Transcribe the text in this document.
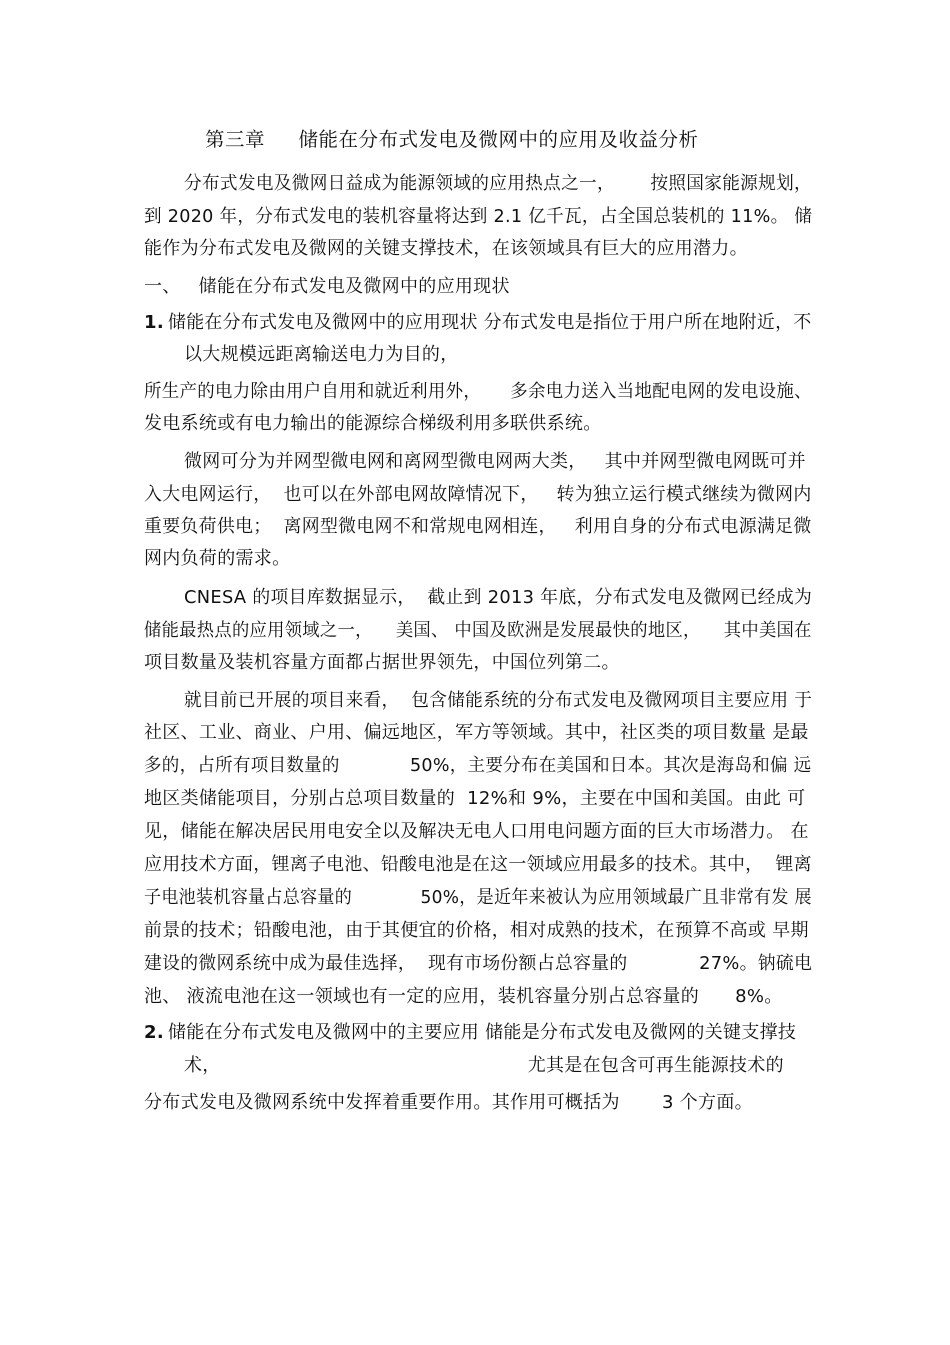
第三章     储能在分布式发电及微网中的应用及收益分析
分布式发电及微网日益成为能源领域的应用热点之一，      按照国家能源规划，
到 2020 年，分布式发电的装机容量将达到 2.1 亿千瓦，占全国总装机的 11%。 储
能作为分布式发电及微网的关键支撑技术，在该领域具有巨大的应用潜力。
一、   储能在分布式发电及微网中的应用现状
1. 储能在分布式发电及微网中的应用现状 分布式发电是指位于用户所在地附近，不
以大规模远距离输送电力为目的，
所生产的电力除由用户自用和就近利用外，     多余电力送入当地配电网的发电设施、
发电系统或有电力输出的能源综合梯级利用多联供系统。
微网可分为并网型微电网和离网型微电网两大类，   其中并网型微电网既可并
入大电网运行，  也可以在外部电网故障情况下，   转为独立运行模式继续为微网内
重要负荷供电；  离网型微电网不和常规电网相连，   利用自身的分布式电源满足微
网内负荷的需求。
CNESA 的项目库数据显示，  截止到 2013 年底，分布式发电及微网已经成为
储能最热点的应用领域之一，    美国、 中国及欧洲是发展最快的地区，    其中美国在
项目数量及装机容量方面都占据世界领先，中国位列第二。
就目前已开展的项目来看，  包含储能系统的分布式发电及微网项目主要应用 于
社区、工业、商业、户用、偏远地区，军方等领域。其中，社区类的项目数量 是最
多的，占所有项目数量的            50%，主要分布在美国和日本。其次是海岛和偏 远
地区类储能项目，分别占总项目数量的  12%和 9%，主要在中国和美国。由此 可
见，储能在解决居民用电安全以及解决无电人口用电问题方面的巨大市场潜力。 在
应用技术方面，锂离子电池、铅酸电池是在这一领域应用最多的技术。其中，  锂离
子电池装机容量占总容量的            50%，是近年来被认为应用领域最广且非常有发 展
前景的技术；铅酸电池，由于其便宜的价格，相对成熟的技术，在预算不高或 早期
建设的微网系统中成为最佳选择，  现有市场份额占总容量的            27%。钠硫电
池、 液流电池在这一领域也有一定的应用，装机容量分别占总容量的      8%。
2. 储能在分布式发电及微网中的主要应用 储能是分布式发电及微网的关键支撑技
术，                                                   尤其是在包含可再生能源技术的
分布式发电及微网系统中发挥着重要作用。其作用可概括为       3 个方面。
